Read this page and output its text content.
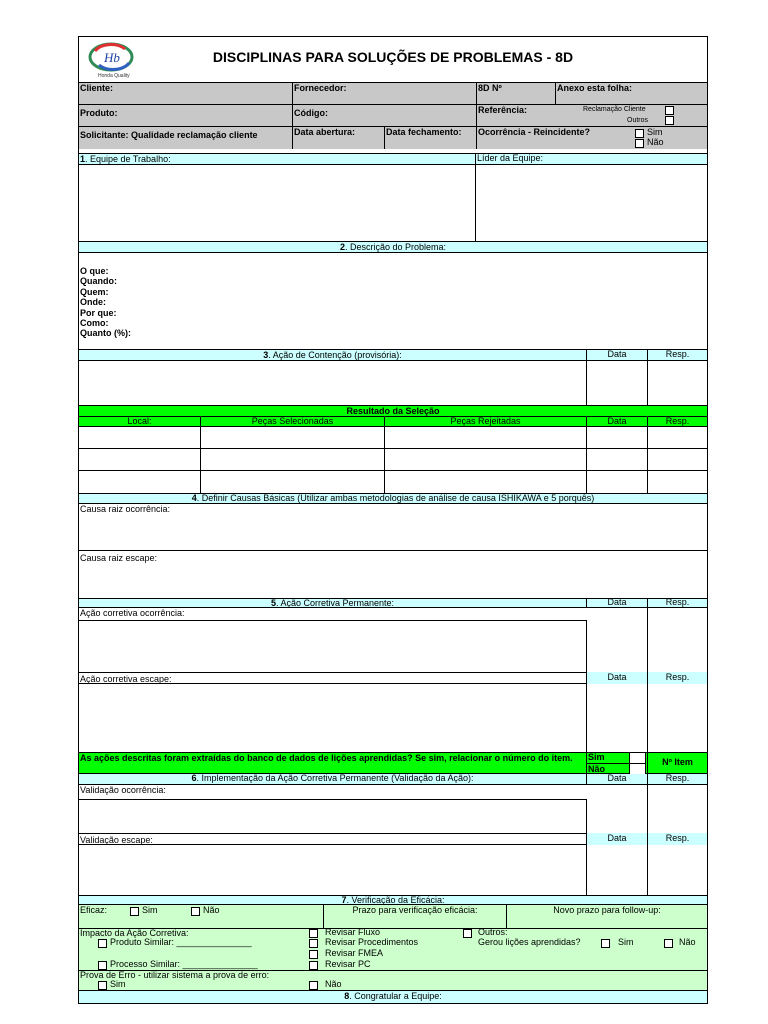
Hb
Honda Quality
DISCIPLINAS PARA SOLUÇÕES DE PROBLEMAS - 8D
Cliente:	Fornecedor:	8D Nº	Anexo esta folha:
Produto:	Código:	Referência:	Reclamação Cliente
Outros
Solicitante: Qualidade reclamação cliente	Data abertura:	Data fechamento:	Ocorrência - Reincidente?	Sim
Não
1. Equipe de Trabalho:	Líder da Equipe:
2. Descrição do Problema:
O que:
Quando:
Quem:
Onde:
Por que:
Como:
Quanto (%):
3. Ação de Contenção (provisória):	Data	Resp.
Resultado da Seleção
Local:	Peças Selecionadas	Peças Rejeitadas	Data	Resp.
4. Definir Causas Básicas (Utilizar ambas metodologias de análise de causa ISHIKAWA e 5 porquês)
Causa raiz ocorrência:
Causa raiz escape:
5. Ação Corretiva Permanente:	Data	Resp.
Ação corretiva ocorrência:
Ação corretiva escape:	Data	Resp.
As ações descritas foram extraídas do banco de dados de lições aprendidas? Se sim, relacionar o número do item.	Sim
Não
Nº Item
6. Implementação da Ação Corretiva Permanente (Validação da Ação):	Data	Resp.
Validação ocorrência:
Validação escape:	Data	Resp.
7. Verificação da Eficácia:
Eficaz:	Sim	Não	Prazo para verificação eficácia:	Novo prazo para follow-up:
Impacto da Ação Corretiva:
Produto Similar: _______________
Processo Similar: _______________
Revisar Fluxo
Revisar Procedimentos
Revisar FMEA
Revisar PC
Outros:
Gerou lições aprendidas?	Sim	Não
Prova de Erro - utilizar sistema a prova de erro:
Sim	Não
8. Congratular a Equipe:
